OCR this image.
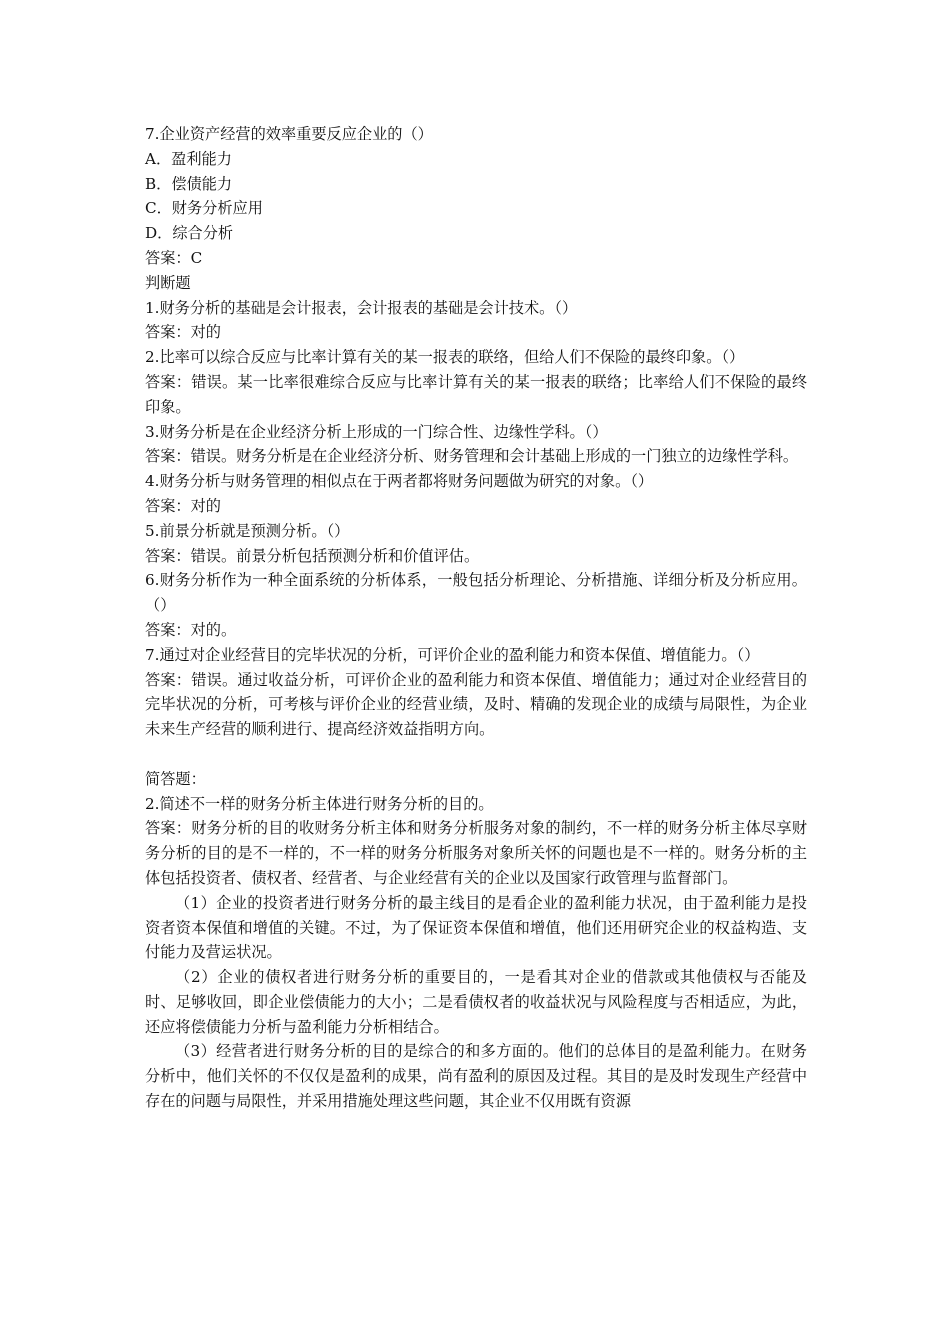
7.企业资产经营的效率重要反应企业的（）

A．盈利能力

B．偿债能力

C．财务分析应用

D．综合分析

答案：C

判断题

1.财务分析的基础是会计报表，会计报表的基础是会计技术。（）

答案：对的

2.比率可以综合反应与比率计算有关的某一报表的联络，但给人们不保险的最终印象。（）

答案：错误。某一比率很难综合反应与比率计算有关的某一报表的联络；比率给人们不保险的最终印象。

3.财务分析是在企业经济分析上形成的一门综合性、边缘性学科。（）

答案：错误。财务分析是在企业经济分析、财务管理和会计基础上形成的一门独立的边缘性学科。

4.财务分析与财务管理的相似点在于两者都将财务问题做为研究的对象。（）

答案：对的

5.前景分析就是预测分析。（）

答案：错误。前景分析包括预测分析和价值评估。

6.财务分析作为一种全面系统的分析体系，一般包括分析理论、分析措施、详细分析及分析应用。（）

答案：对的。

7.通过对企业经营目的完毕状况的分析，可评价企业的盈利能力和资本保值、增值能力。（）

答案：错误。通过收益分析，可评价企业的盈利能力和资本保值、增值能力；通过对企业经营目的完毕状况的分析，可考核与评价企业的经营业绩，及时、精确的发现企业的成绩与局限性，为企业未来生产经营的顺利进行、提高经济效益指明方向。

简答题：

2.简述不一样的财务分析主体进行财务分析的目的。

答案：财务分析的目的收财务分析主体和财务分析服务对象的制约，不一样的财务分析主体尽享财务分析的目的是不一样的，不一样的财务分析服务对象所关怀的问题也是不一样的。财务分析的主体包括投资者、债权者、经营者、与企业经营有关的企业以及国家行政管理与监督部门。

（1）企业的投资者进行财务分析的最主线目的是看企业的盈利能力状况，由于盈利能力是投资者资本保值和增值的关键。不过，为了保证资本保值和增值，他们还用研究企业的权益构造、支付能力及营运状况。

（2）企业的债权者进行财务分析的重要目的，一是看其对企业的借款或其他债权与否能及时、足够收回，即企业偿债能力的大小；二是看债权者的收益状况与风险程度与否相适应，为此，还应将偿债能力分析与盈利能力分析相结合。

（3）经营者进行财务分析的目的是综合的和多方面的。他们的总体目的是盈利能力。在财务分析中，他们关怀的不仅仅是盈利的成果，尚有盈利的原因及过程。其目的是及时发现生产经营中存在的问题与局限性，并采用措施处理这些问题，其企业不仅用既有资源
